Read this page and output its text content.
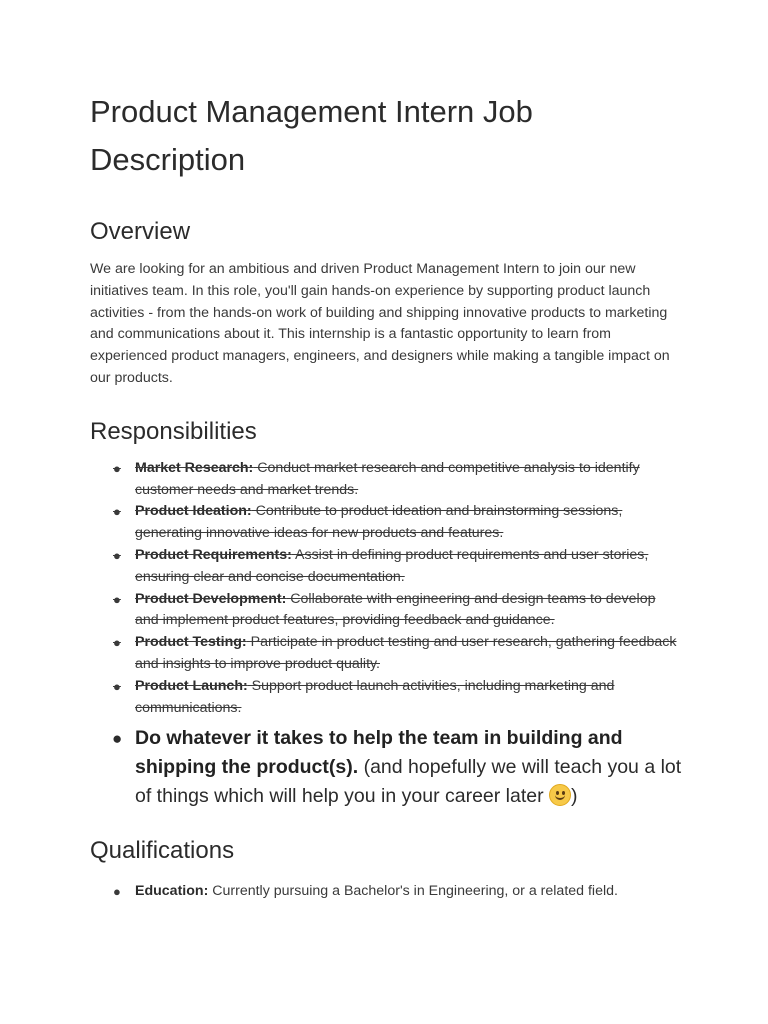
Product Management Intern Job Description
Overview

We are looking for an ambitious and driven Product Management Intern to join our new initiatives team. In this role, you'll gain hands-on experience by supporting product launch activities - from the hands-on work of building and shipping innovative products to marketing and communications about it. This internship is a fantastic opportunity to learn from experienced product managers, engineers, and designers while making a tangible impact on our products.

Responsibilities
● Market Research: Conduct market research and competitive analysis to identify customer needs and market trends.
● Product Ideation: Contribute to product ideation and brainstorming sessions, generating innovative ideas for new products and features.
● Product Requirements: Assist in defining product requirements and user stories, ensuring clear and concise documentation.
● Product Development: Collaborate with engineering and design teams to develop and implement product features, providing feedback and guidance.
● Product Testing: Participate in product testing and user research, gathering feedback and insights to improve product quality.
● Product Launch: Support product launch activities, including marketing and communications.
● Do whatever it takes to help the team in building and shipping the product(s). (and hopefully we will teach you a lot of things which will help you in your career later )
Qualifications
● Education: Currently pursuing a Bachelor's in Engineering, or a related field.
